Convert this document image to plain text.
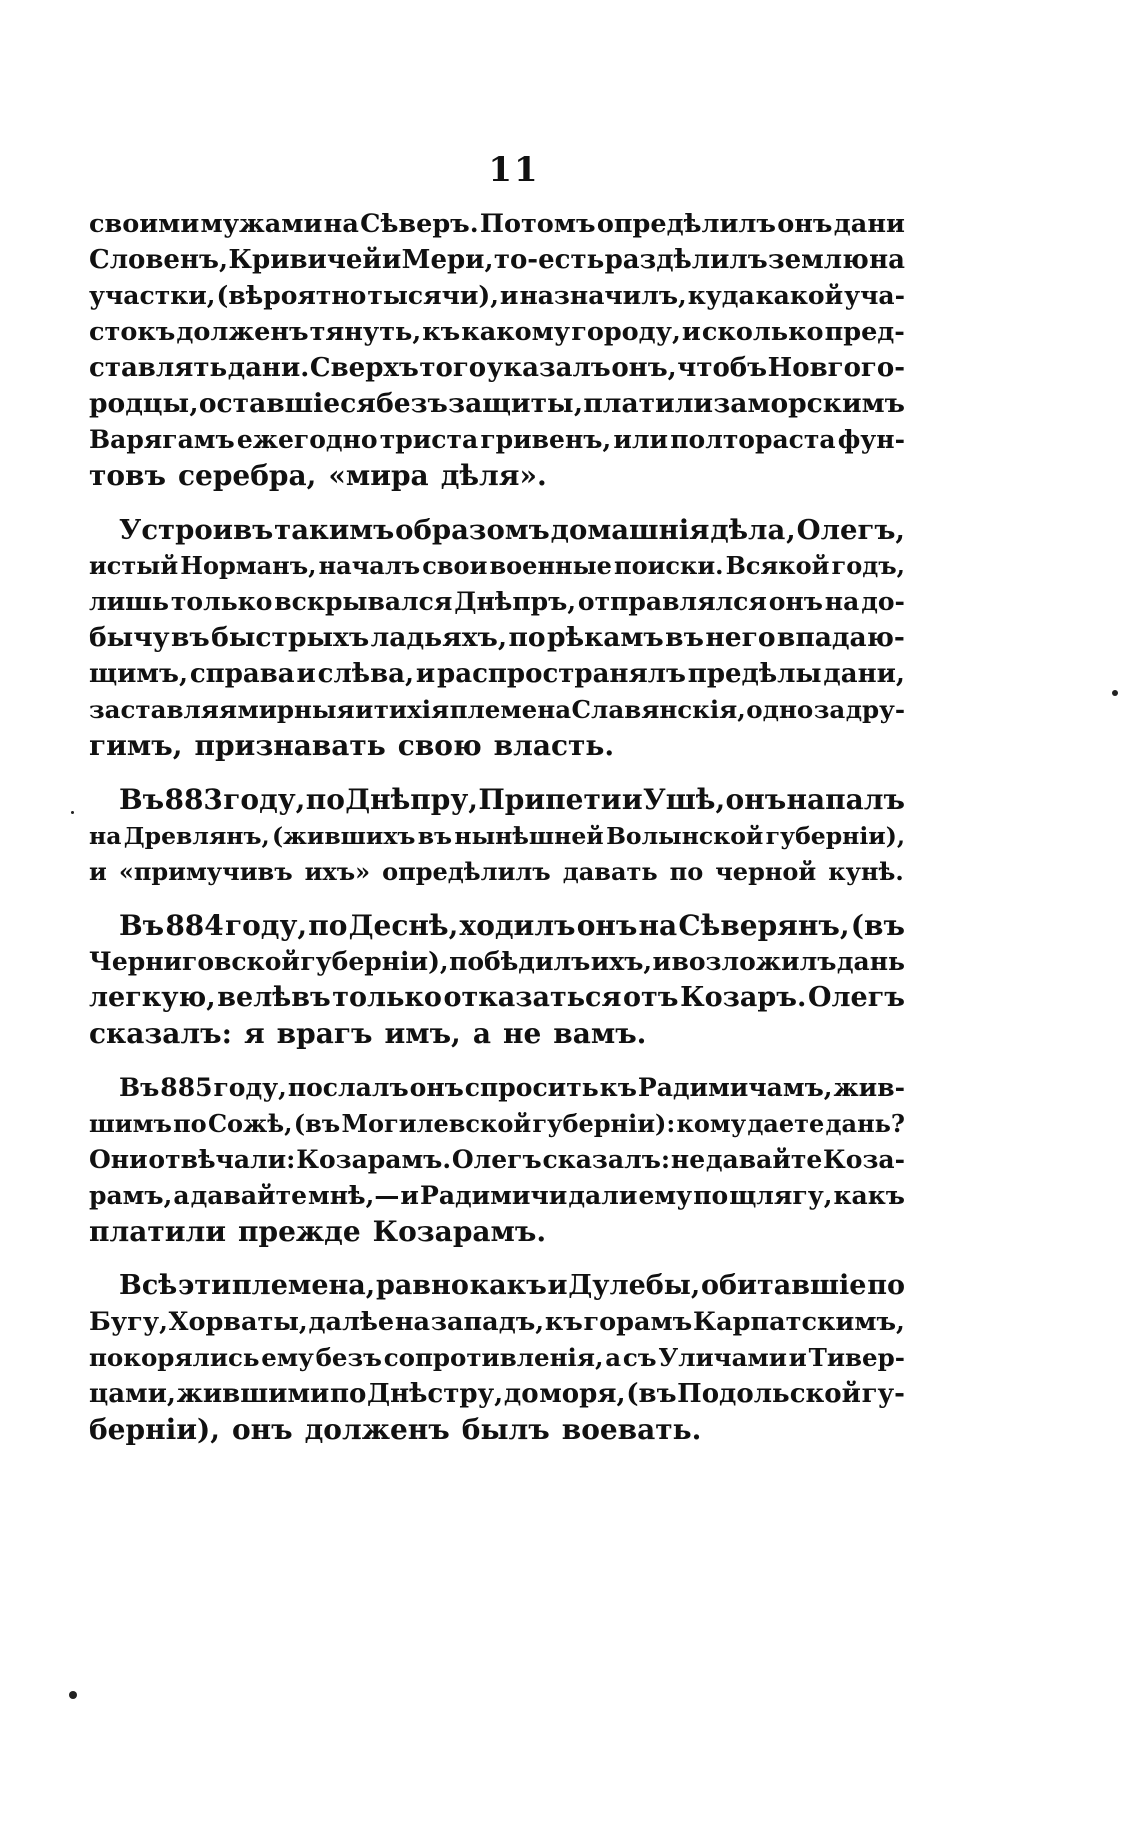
11
своими мужами на Сѣверъ. Потомъ опредѣлилъ онъ дани
Словенъ, Кривичей и Мери, то-есть раздѣлилъ землю на
участки, (вѣроятно тысячи), и назначилъ, куда какой уча-
стокъ долженъ тянуть, къ какому городу, и сколько пред-
ставлять дани. Сверхъ того указалъ онъ, чтобъ Новгого-
родцы , оставшіеся безъ защиты , платили заморскимъ
Варягамъ ежегодно триста гривенъ, или полтораста фун-
товъ серебра, «мира дѣля».
Устроивъ такимъ образомъ домашнія дѣла , Олегъ,
истый Норманъ, началъ свои военные поиски. Всякой годъ,
лишь только вскрывался Днѣпръ, отправлялся онъ на до-
бычу въ быстрыхъ ладьяхъ, по рѣкамъ въ него впадаю-
щимъ, справа и слѣва, и распространялъ предѣлы дани,
заставляя мирныя и тихія племена Славянскія, одно за дру-
гимъ, признавать свою власть.
Въ 883 году, по Днѣпру, Припети и Ушѣ, онъ напалъ
на Древлянъ, (жившихъ въ нынѣшней Волынской губерніи),
и «примучивъ ихъ» опредѣлилъ давать по черной кунѣ.
Въ 884 году, по Деснѣ, ходилъ онъ на Сѣверянъ, (въ
Черниговской губерніи), побѣдилъ ихъ, и возложилъ дань
легкую, велѣвъ только отказаться отъ Козаръ. Олегъ
сказалъ: я врагъ имъ, а не вамъ.
Въ 885 году, послалъ онъ спросить къ Радимичамъ, жив-
шимъ по Сожѣ, (въ Могилевской губерніи): кому даете дань?
Они отвѣчали: Козарамъ. Олегъ сказалъ: не давайте Коза-
рамъ, а давайте мнѣ,— и Радимичи дали ему по щлягу, какъ
платили прежде Козарамъ.
Всѣ эти племена, равно какъ и Дулебы, обитавшіе по
Бугу, Хорваты, далѣе на западъ, къ горамъ Карпатскимъ,
покорялись ему безъ сопротивленія, а съ Уличами и Тивер-
цами, жившими по Днѣстру, до моря, (въ Подольской гу-
берніи), онъ долженъ былъ воевать.
